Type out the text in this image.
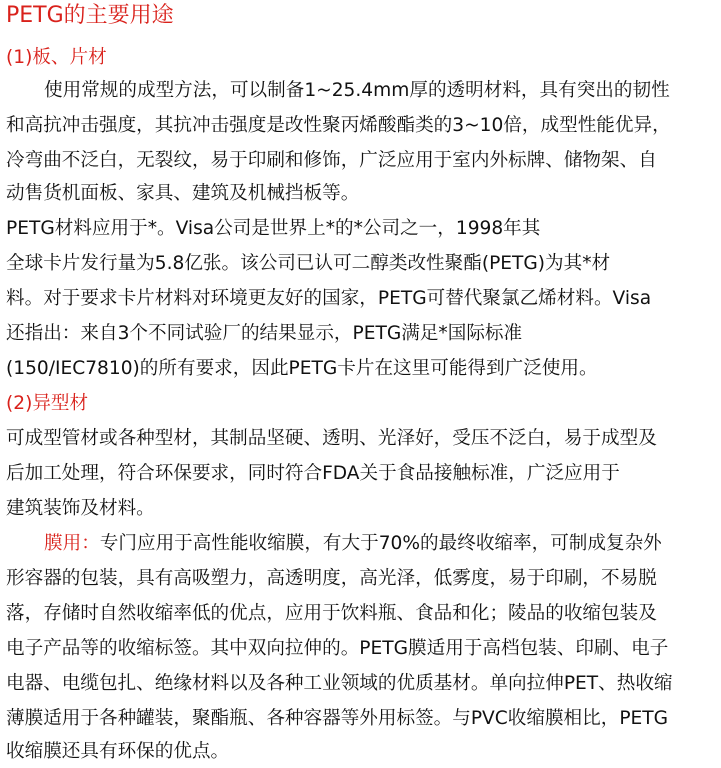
PETG的主要用途
(1)板、片材
使用常规的成型方法，可以制备1~25.4mm厚的透明材料，具有突出的韧性
和高抗冲击强度，其抗冲击强度是改性聚丙烯酸酯类的3~10倍，成型性能优异，
冷弯曲不泛白，无裂纹，易于印刷和修饰，广泛应用于室内外标牌、储物架、自
动售货机面板、家具、建筑及机械挡板等。
PETG材料应用于*。Visa公司是世界上*的*公司之一，1998年其
全球卡片发行量为5.8亿张。该公司已认可二醇类改性聚酯(PETG)为其*材
料。对于要求卡片材料对环境更友好的国家，PETG可替代聚氯乙烯材料。Visa
还指出：来自3个不同试验厂的结果显示，PETG满足*国际标准
(150/IEC7810)的所有要求，因此PETG卡片在这里可能得到广泛使用。
(2)异型材
可成型管材或各种型材，其制品坚硬、透明、光泽好，受压不泛白，易于成型及
后加工处理，符合环保要求，同时符合FDA关于食品接触标准，广泛应用于
建筑装饰及材料。
膜用：专门应用于高性能收缩膜，有大于70%的最终收缩率，可制成复杂外
形容器的包装，具有高吸塑力，高透明度，高光泽，低雾度，易于印刷，不易脱
落，存储时自然收缩率低的优点，应用于饮料瓶、食品和化；陵品的收缩包装及
电子产品等的收缩标签。其中双向拉伸的。PETG膜适用于高档包装、印刷、电子
电器、电缆包扎、绝缘材料以及各种工业领域的优质基材。单向拉伸PET、热收缩
薄膜适用于各种罐装，聚酯瓶、各种容器等外用标签。与PVC收缩膜相比，PETG
收缩膜还具有环保的优点。
